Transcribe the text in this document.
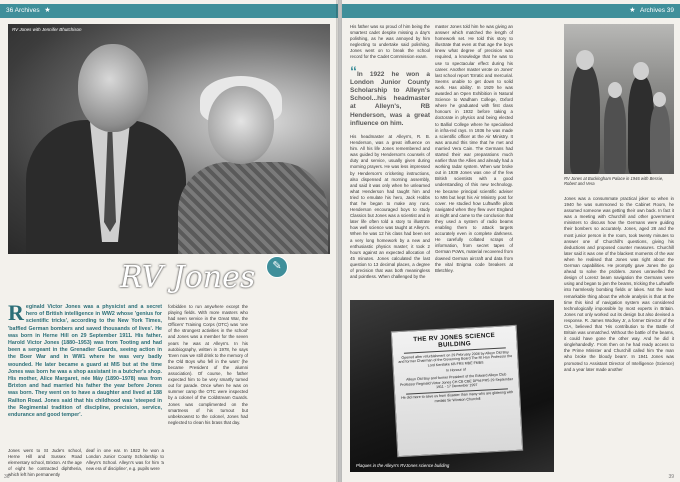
36 Archives ★
RV Jones with Jennifer Bhutchison
RV Jones ✎
R eginald Victor Jones was a physicist and a secret hero of British intelligence in WW2 whose 'genius for scientific tricks', according to the New York Times, 'baffled German bombers and saved thousands of lives'. He was born in Herne Hill on 29 September 1911. His father, Harold Victor Jones (1880–1953) was from Tooting and had been a sergeant in the Grenadier Guards, seeing action in the Boer War and in WW1 where he was very badly wounded. He later became a guard at MI5 but at the time Jones was born he was a shop assistant in a butcher's shop. His mother, Alice Margaret, née Máy (1890–1978) was from Brixton and had married his father the year before Jones was born. They went on to have a daughter and lived at 188 Railton Road. Jones said that his childhood was 'steeped in the Regimental tradition of discipline, precision, service, endurance and good temper'.
Jones went to St Jude's school, Herne Hill and Sussex Road elementary school, Brixton. At the age of eight he contracted diphtheria, which left him permanently
deaf in one ear. In 1922 he won a London Junior County Scholarship to Alleyn's School. Alleyn's was for him 'a new era of discipline', e.g. pupils were
forbidden to run anywhere except the playing fields. With more masters who had seen service in the Great War, the Officers' Training Corps (OTC) was 'one of the strongest activities in the school' and Jones was a member for the seven years he was at Alleyn's. In his autobiography, written in 1978, he says 'Even now we still drink to the memory of the Old Boys who fell in the wars' (he became President of the alumni association). Of course, he father expected him to be very smartly turned out for parade. Once when he was on summer camp the OTC were inspected by a colonel of the Coldstream Guards. Jones was complimented on the smartness of his turnout but unbeknownst to the colonel, Jones had neglected to clean his brass that day.
36
★ Archives 39
His father was so proud of him being the smartest cadet despite missing a day's polishing, as he was annoyed by him neglecting to undertake said polishing. Jones went on to break the school record for the Cadet Commission exam.
“In 1922 he won a London Junior County Scholarship to Alleyn's School...his headmaster at Alleyn's, RB Henderson, was a great influence on him.
His headmaster at Alleyn's, R. B. Henderson, was a great influence on him. All his life Jones remembered and was guided by Henderson's counsels of duty and service, usually given during morning prayers. He was less impressed by Henderson's cricketing instructions, also dispensed at morning assembly, and said it was only when he unlearned what Henderson had taught him and tried to emulate his hero, Jack Hobbs that he began to make any runs. Henderson encouraged boys to study Classics but Jones was a scientist and in later life often told a story to illustrate how well science was taught at Alleyn's. When he was 12 his class had been set a very long homework by a new and enthusiastic physics master; it took 2 hours against an expected allocation of 45 minutes. Jones calculated the last question to 13 decimal places, a degree of precision that was both meaningless and pointless. When challenged by the
master Jones told him he was giving an answer which matched the length of homework set. He told this story to illustrate that even at that age the boys knew what degree of precision was required, a knowledge that he was to use to spectacular effect during his career. Another master wrote on Jones' last school report 'Erratic and mercurial. Seems unable to get down to solid work. Has ability'. In 1929 he was awarded an Open Exhibition in Natural Science to Wadham College, Oxford where he graduated with first class honours in 1932 before taking a doctorate in physics and being elected to Balliol College where he specialised in infra-red rays. In 1936 he was made a scientific officer at the Air Ministry. It was around this time that he met and married Vera Cain. The Germans had started their war preparations much earlier than the Allies and already had a working radar system. When war broke out in 1939 Jones was one of the few British scientists with a good understanding of this new technology. He became principal scientific adviser to MI6 but kept his Air Ministry post for cover. He studied how Luftwaffe pilots navigated when they flew over England at night and came to the conclusion that they used a system of radio beams enabling them to attack targets accurately even in complete darkness. He carefully collated scraps of information, from secret tapes of German PoWs, material recovered from downed German aircraft and data from the vital Enigma code breakers at Bletchley.
RV Jones at Buckingham Palace in 1946 with Bessie, Robert and Vera
Jones was a consummate practical joker so when in 1940 he was summoned to the Cabinet Room, he assumed someone was getting their own back. In fact it was a meeting with Churchill and other government ministers to discuss how the Germans were guiding their bombers so accurately. Jones, aged 28 and the most junior person in the room, took twenty minutes to answer one of Churchill's questions, giving his deductions and proposed counter measures. Churchill later said it was one of the blackest moments of the war when he realised that Jones was right about the German capabilities. He promptly gave Jones the go ahead to solve the problem. Jones unravelled the design of Lorenz beam navigation the Germans were using and began to jam the beams, tricking the Luftwaffe into harmlessly bombing fields or lakes. Not the least remarkable thing about the whole analysis is that at the time this kind of navigation system was considered technologically impossible by most experts in Britain. Jones not only worked out its design but also devised a response. R. James Wodsey Jr, a former Director of the CIA, believed that 'His contribution to the Battle of Britain was unmatched. Without the battle of the beams, it could have gone the other way. And he did it singlehandedly'. From then on he had ready access to the Prime Minister and Churchill called him 'the man who broke the bloody beam'. In 1941 Jones was promoted to Assistant Director of Intelligence (Science) and a year later made another
THE RV JONES SCIENCE BUILDING
Opened after refurbishment on 29 February 2008 by Alleyn Old Boy and former Chairman of the Governing Board The Rt Hon Professor the Lord Kerslake KB FRS MBE FMBS
In Honour of
Alleyn Old Boy and former President of the Edward Alleyn Club Professor Reginald Victor Jones CH CB CBE DPhil FRS 29 September 1911 - 17 December 1997
He did more to save us from disaster than many who are glittering with medals Sir Winston Churchill
Plaques in the Alleyn's RVJones science building
39
